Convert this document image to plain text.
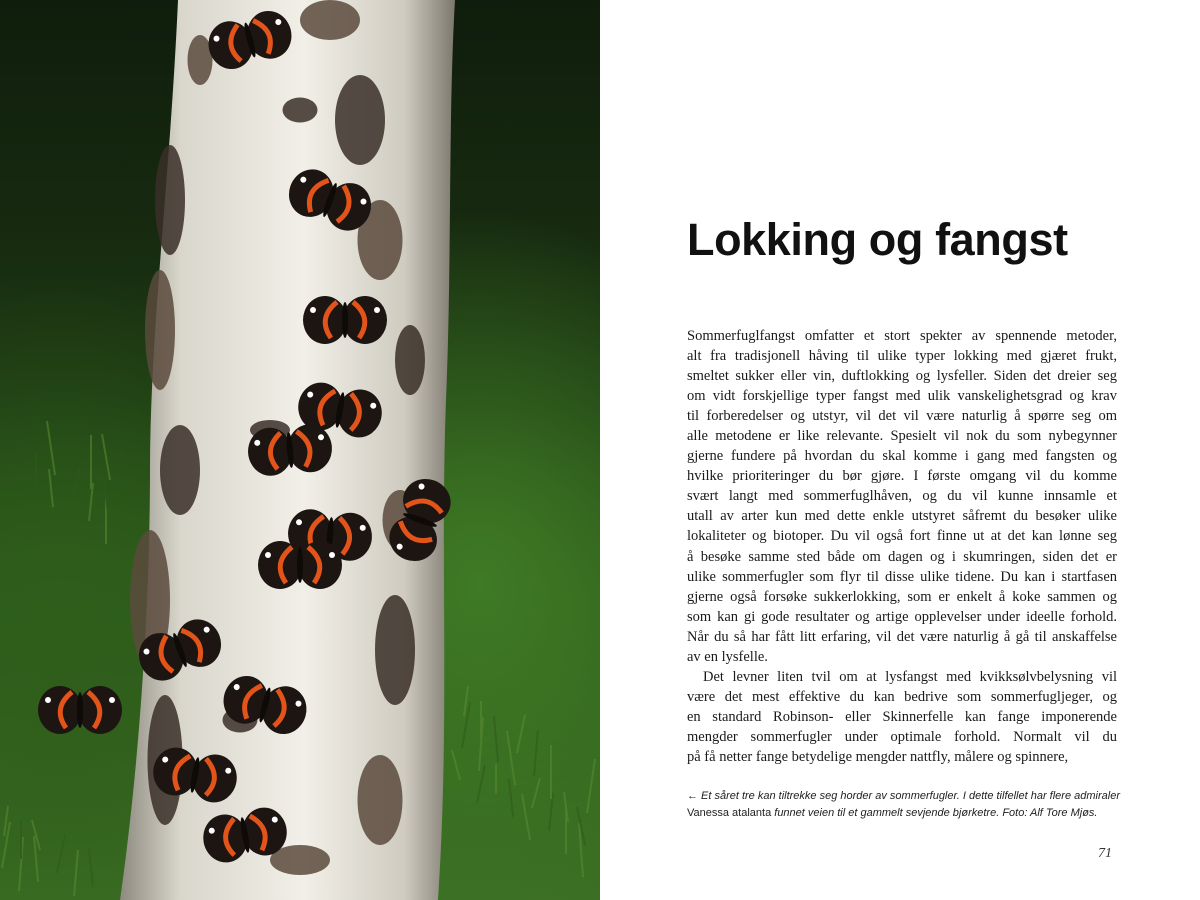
Lokking og fangst
Sommerfuglfangst omfatter et stort spekter av spennende metoder,
alt fra tradisjonell håving til ulike typer lokking med gjæret frukt,
smeltet sukker eller vin, duftlokking og lysfeller. Siden det dreier seg
om vidt forskjellige typer fangst med ulik vanskelighetsgrad og krav
til forberedelser og utstyr, vil det vil være naturlig å spørre seg om
alle metodene er like relevante. Spesielt vil nok du som nybegynner
gjerne fundere på hvordan du skal komme i gang med fangsten og
hvilke prioriteringer du bør gjøre. I første omgang vil du komme
svært langt med sommerfuglhåven, og du vil kunne innsamle et
utall av arter kun med dette enkle utstyret såfremt du besøker ulike
lokaliteter og biotoper. Du vil også fort finne ut at det kan lønne seg
å besøke samme sted både om dagen og i skumringen, siden det er
ulike sommerfugler som flyr til disse ulike tidene. Du kan i startfasen
gjerne også forsøke sukkerlokking, som er enkelt å koke sammen og
som kan gi gode resultater og artige opplevelser under ideelle forhold.
Når du så har fått litt erfaring, vil det være naturlig å gå til anskaffelse
av en lysfelle.
Det levner liten tvil om at lysfangst med kvikksølvbelysning vil
være det mest effektive du kan bedrive som sommerfugljeger, og
en standard Robinson- eller Skinnerfelle kan fange imponerende
mengder sommerfugler under optimale forhold. Normalt vil du
på få netter fange betydelige mengder nattfly, målere og spinnere,
← Et såret tre kan tiltrekke seg horder av sommerfugler. I dette tilfellet har flere admiraler
Vanessa atalanta funnet veien til et gammelt sevjende bjørketre. Foto: Alf Tore Mjøs.
71
